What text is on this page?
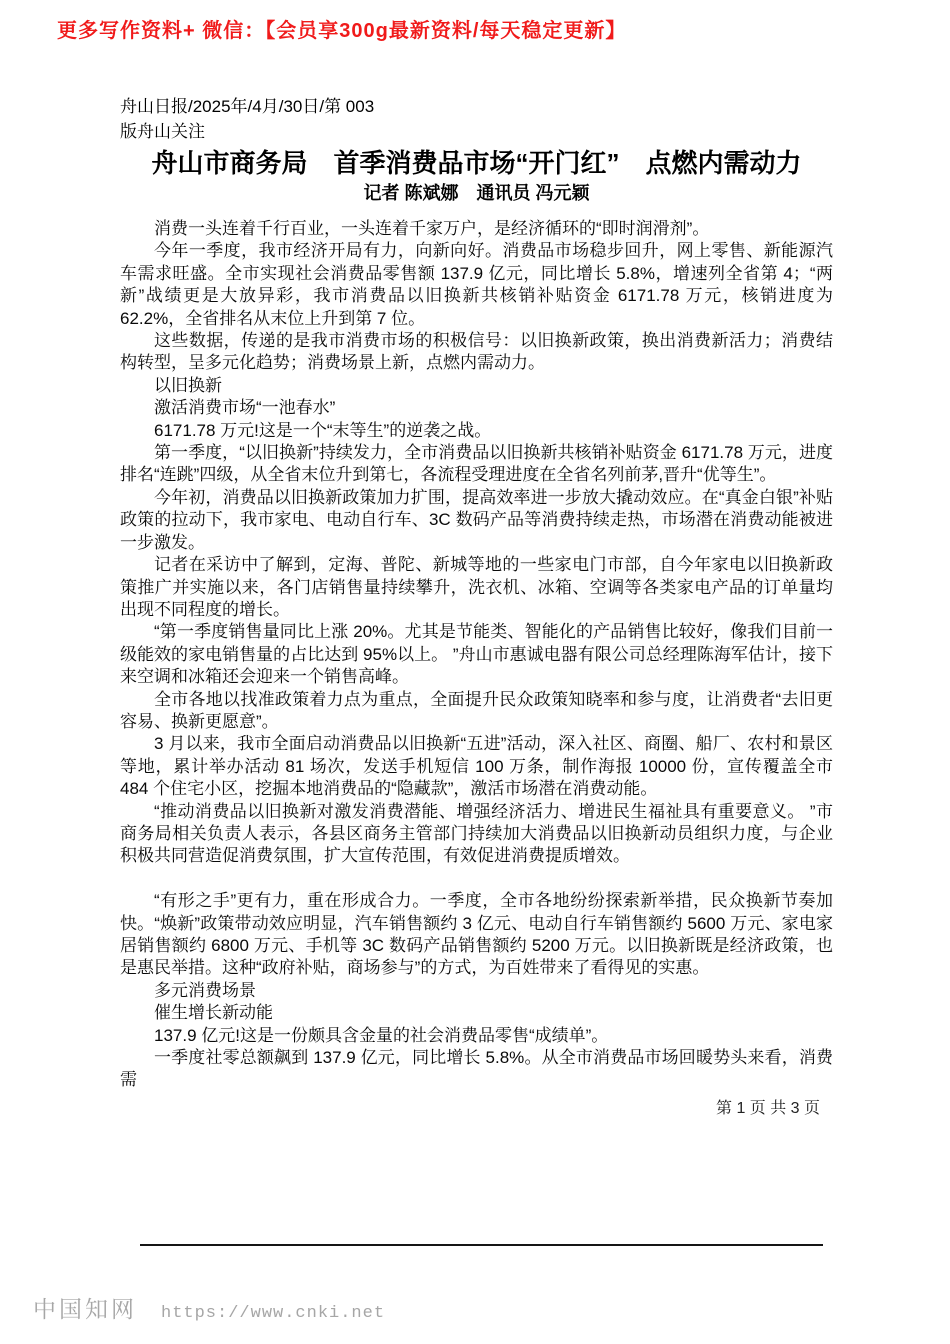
更多写作资料+ 微信：【会员享300g最新资料/每天稳定更新】
舟山日报/2025年/4月/30日/第 003
版舟山关注
舟山市商务局　首季消费品市场“开门红”　点燃内需动力
记者 陈斌娜　通讯员 冯元颖

消费一头连着千行百业，一头连着千家万户，是经济循环的“即时润滑剂”。

今年一季度，我市经济开局有力，向新向好。消费品市场稳步回升，网上零售、新能源汽车需求旺盛。全市实现社会消费品零售额 137.9 亿元，同比增长 5.8%，增速列全省第 4；“两新”战绩更是大放异彩，我市消费品以旧换新共核销补贴资金 6171.78 万元，核销进度为 62.2%，全省排名从末位上升到第 7 位。

这些数据，传递的是我市消费市场的积极信号：以旧换新政策，换出消费新活力；消费结构转型，呈多元化趋势；消费场景上新，点燃内需动力。

以旧换新

激活消费市场“一池春水”

6171.78 万元!这是一个“末等生”的逆袭之战。

第一季度，“以旧换新”持续发力，全市消费品以旧换新共核销补贴资金 6171.78 万元，进度排名“连跳”四级，从全省末位升到第七，各流程受理进度在全省名列前茅,晋升“优等生”。

今年初，消费品以旧换新政策加力扩围，提高效率进一步放大撬动效应。在“真金白银”补贴政策的拉动下，我市家电、电动自行车、3C 数码产品等消费持续走热，市场潜在消费动能被进一步激发。

记者在采访中了解到，定海、普陀、新城等地的一些家电门市部，自今年家电以旧换新政策推广并实施以来，各门店销售量持续攀升，洗衣机、冰箱、空调等各类家电产品的订单量均出现不同程度的增长。

“第一季度销售量同比上涨 20%。尤其是节能类、智能化的产品销售比较好，像我们目前一级能效的家电销售量的占比达到 95%以上。 ”舟山市惠诚电器有限公司总经理陈海军估计，接下来空调和冰箱还会迎来一个销售高峰。

全市各地以找准政策着力点为重点，全面提升民众政策知晓率和参与度，让消费者“去旧更容易、换新更愿意”。

3 月以来，我市全面启动消费品以旧换新“五进”活动，深入社区、商圈、船厂、农村和景区等地，累计举办活动 81 场次，发送手机短信 100 万条，制作海报 10000 份，宣传覆盖全市 484 个住宅小区，挖掘本地消费品的“隐藏款”，激活市场潜在消费动能。

“推动消费品以旧换新对激发消费潜能、增强经济活力、增进民生福祉具有重要意义。 ”市商务局相关负责人表示，各县区商务主管部门持续加大消费品以旧换新动员组织力度，与企业积极共同营造促消费氛围，扩大宣传范围，有效促进消费提质增效。

“有形之手”更有力，重在形成合力。一季度，全市各地纷纷探索新举措，民众换新节奏加快。“焕新”政策带动效应明显，汽车销售额约 3 亿元、电动自行车销售额约 5600 万元、家电家居销售额约 6800 万元、手机等 3C 数码产品销售额约 5200 万元。以旧换新既是经济政策，也是惠民举措。这种“政府补贴，商场参与”的方式，为百姓带来了看得见的实惠。

多元消费场景

催生增长新动能

137.9 亿元!这是一份颇具含金量的社会消费品零售“成绩单”。

一季度社零总额飙到 137.9 亿元，同比增长 5.8%。从全市消费品市场回暖势头来看，消费需

第 1 页 共 3 页
中国知网 https://www.cnki.net
